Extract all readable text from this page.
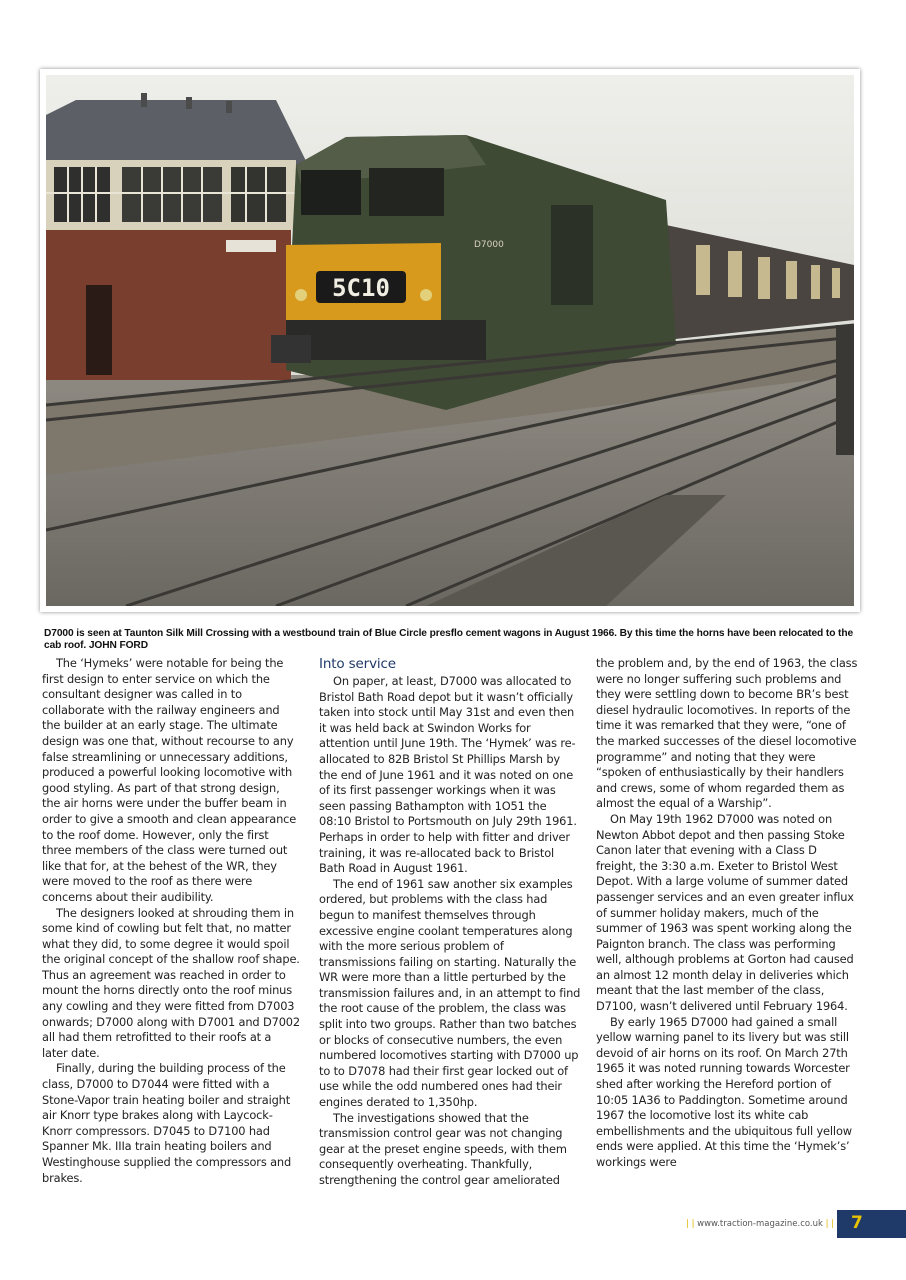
5C10
D7000
D7000 is seen at Taunton Silk Mill Crossing with a westbound train of Blue Circle presflo cement wagons in August 1966. By this time the horns have been relocated to the cab roof. JOHN FORD

The ‘Hymeks’ were notable for being the first design to enter service on which the consultant designer was called in to collaborate with the railway engineers and the builder at an early stage. The ultimate design was one that, without recourse to any false streamlining or unnecessary additions, produced a powerful looking locomotive with good styling. As part of that strong design, the air horns were under the buffer beam in order to give a smooth and clean appearance to the roof dome. However, only the first three members of the class were turned out like that for, at the behest of the WR, they were moved to the roof as there were concerns about their audibility.

The designers looked at shrouding them in some kind of cowling but felt that, no matter what they did, to some degree it would spoil the original concept of the shallow roof shape. Thus an agreement was reached in order to mount the horns directly onto the roof minus any cowling and they were fitted from D7003 onwards; D7000 along with D7001 and D7002 all had them retrofitted to their roofs at a later date.

Finally, during the building process of the class, D7000 to D7044 were fitted with a Stone-Vapor train heating boiler and straight air Knorr type brakes along with Laycock-Knorr compressors. D7045 to D7100 had Spanner Mk. IIIa train heating boilers and Westinghouse supplied the compressors and brakes.

Into service

On paper, at least, D7000 was allocated to Bristol Bath Road depot but it wasn’t officially taken into stock until May 31st and even then it was held back at Swindon Works for attention until June 19th. The ‘Hymek’ was re-allocated to 82B Bristol St Phillips Marsh by the end of June 1961 and it was noted on one of its first passenger workings when it was seen passing Bathampton with 1O51 the 08:10 Bristol to Portsmouth on July 29th 1961. Perhaps in order to help with fitter and driver training, it was re-allocated back to Bristol Bath Road in August 1961.

The end of 1961 saw another six examples ordered, but problems with the class had begun to manifest themselves through excessive engine coolant temperatures along with the more serious problem of transmissions failing on starting. Naturally the WR were more than a little perturbed by the transmission failures and, in an attempt to find the root cause of the problem, the class was split into two groups. Rather than two batches or blocks of consecutive numbers, the even numbered locomotives starting with D7000 up to to D7078 had their first gear locked out of use while the odd numbered ones had their engines derated to 1,350hp.

The investigations showed that the transmission control gear was not changing gear at the preset engine speeds, with them consequently overheating. Thankfully, strengthening the control gear ameliorated

the problem and, by the end of 1963, the class were no longer suffering such problems and they were settling down to become BR’s best diesel hydraulic locomotives. In reports of the time it was remarked that they were, “one of the marked successes of the diesel locomotive programme” and noting that they were “spoken of enthusiastically by their handlers and crews, some of whom regarded them as almost the equal of a Warship”.

On May 19th 1962 D7000 was noted on Newton Abbot depot and then passing Stoke Canon later that evening with a Class D freight, the 3:30 a.m. Exeter to Bristol West Depot. With a large volume of summer dated passenger services and an even greater influx of summer holiday makers, much of the summer of 1963 was spent working along the Paignton branch. The class was performing well, although problems at Gorton had caused an almost 12 month delay in deliveries which meant that the last member of the class, D7100, wasn’t delivered until February 1964.

By early 1965 D7000 had gained a small yellow warning panel to its livery but was still devoid of air horns on its roof. On March 27th 1965 it was noted running towards Worcester shed after working the Hereford portion of 10:05 1A36 to Paddington. Sometime around 1967 the locomotive lost its white cab embellishments and the ubiquitous full yellow ends were applied. At this time the ‘Hymek’s’ workings were

| | www.traction-magazine.co.uk | | 7
